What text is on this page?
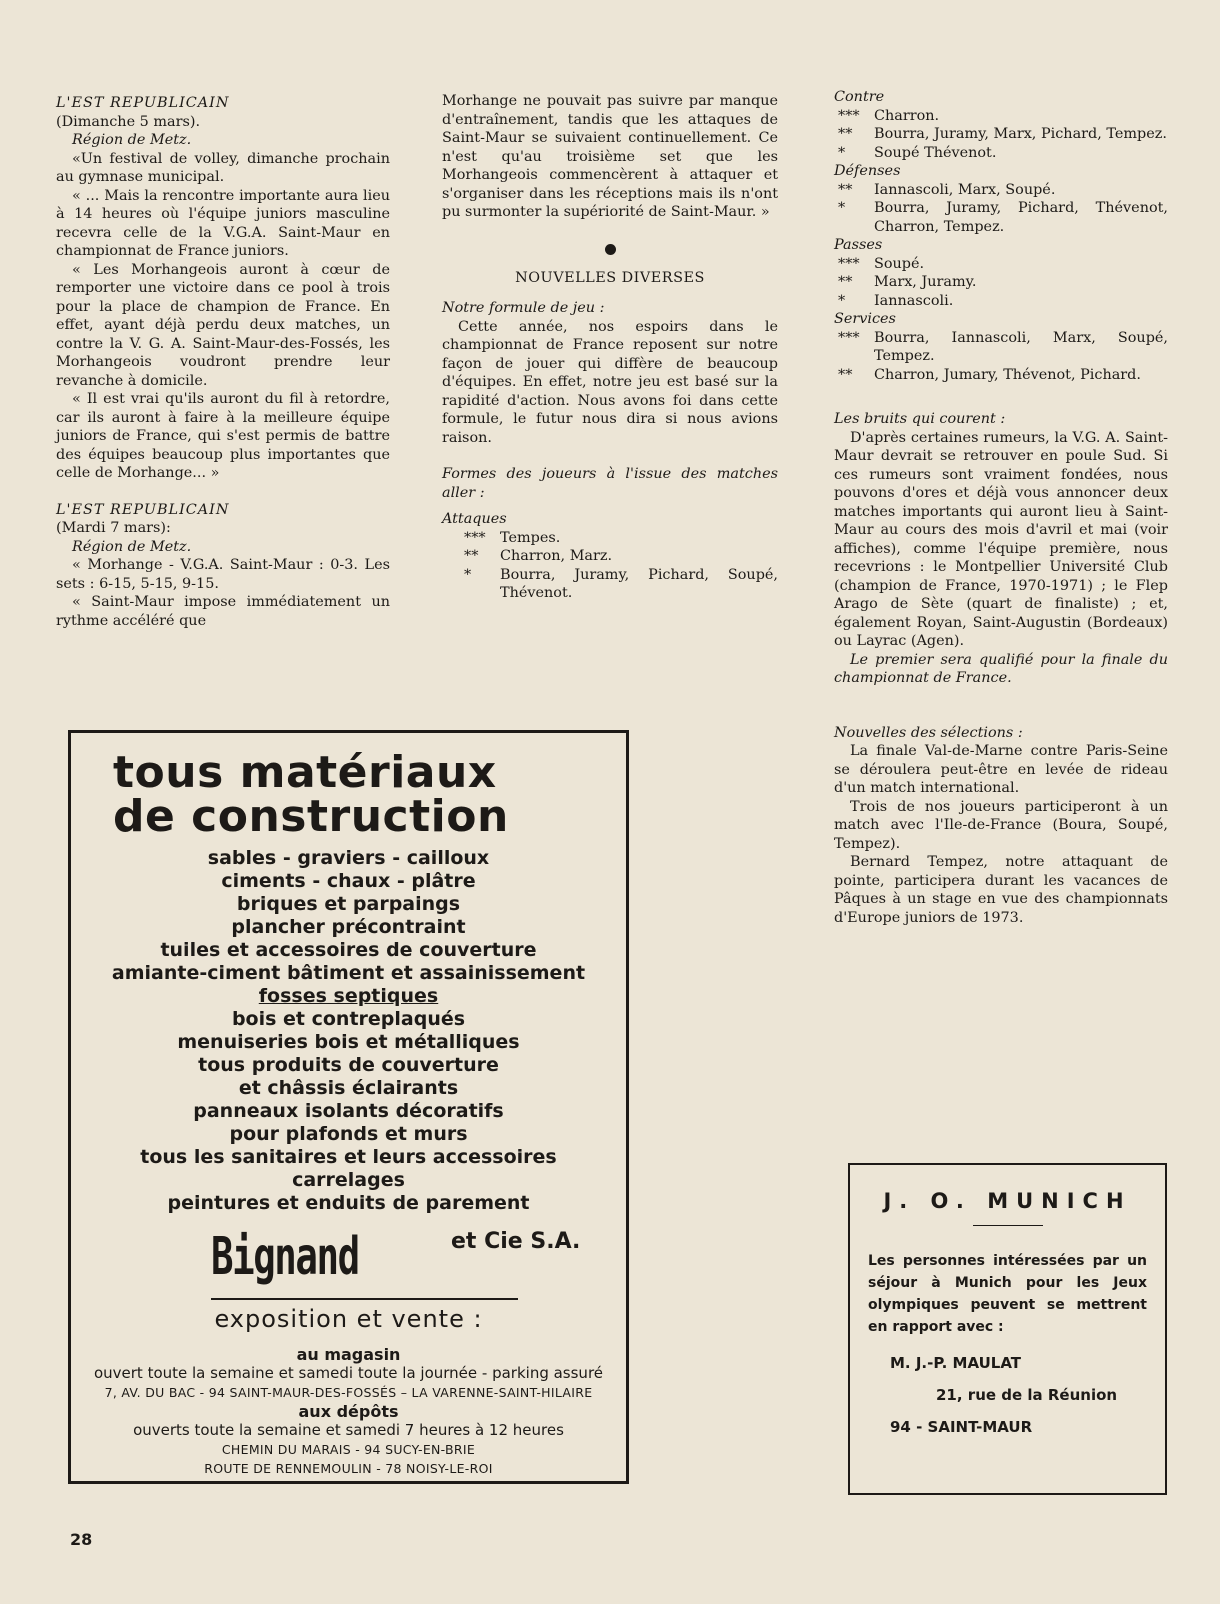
L'EST REPUBLICAIN

(Dimanche 5 mars).

Région de Metz.

«Un festival de volley, dimanche prochain au gymnase municipal.

« ... Mais la rencontre importante aura lieu à 14 heures où l'équipe juniors masculine recevra celle de la V.G.A. Saint-Maur en championnat de France juniors.

« Les Morhangeois auront à cœur de remporter une victoire dans ce pool à trois pour la place de champion de France. En effet, ayant déjà perdu deux matches, un contre la V. G. A. Saint-Maur-des-Fossés, les Morhangeois voudront prendre leur revanche à domicile.

« Il est vrai qu'ils auront du fil à retordre, car ils auront à faire à la meilleure équipe juniors de France, qui s'est permis de battre des équipes beaucoup plus importantes que celle de Morhange... »

L'EST REPUBLICAIN

(Mardi 7 mars):

Région de Metz.

« Morhange - V.G.A. Saint-Maur : 0-3. Les sets : 6-15, 5-15, 9-15.

« Saint-Maur impose immédiatement un rythme accéléré que

Morhange ne pouvait pas suivre par manque d'entraînement, tandis que les attaques de Saint-Maur se suivaient continuellement. Ce n'est qu'au troisième set que les Morhangeois commencèrent à attaquer et s'organiser dans les réceptions mais ils n'ont pu surmonter la supériorité de Saint-Maur. »

NOUVELLES DIVERSES

Notre formule de jeu :

Cette année, nos espoirs dans le championnat de France reposent sur notre façon de jouer qui diffère de beaucoup d'équipes. En effet, notre jeu est basé sur la rapidité d'action. Nous avons foi dans cette formule, le futur nous dira si nous avions raison.

Formes des joueurs à l'issue des matches aller :

Attaques

***	Tempes.
**	Charron, Marz.
*	Bourra, Juramy, Pichard, Soupé, Thévenot.

Contre

***	Charron.
**	Bourra, Juramy, Marx, Pichard, Tempez.
*	Soupé Thévenot.

Défenses

**	Iannascoli, Marx, Soupé.
*	Bourra, Juramy, Pichard, Thévenot, Charron, Tempez.

Passes

***	Soupé.
**	Marx, Juramy.
*	Iannascoli.

Services

***	Bourra, Iannascoli, Marx, Soupé, Tempez.
**	Charron, Jumary, Thévenot, Pichard.

Les bruits qui courent :

D'après certaines rumeurs, la V.G. A. Saint-Maur devrait se retrouver en poule Sud. Si ces rumeurs sont vraiment fondées, nous pouvons d'ores et déjà vous annoncer deux matches importants qui auront lieu à Saint-Maur au cours des mois d'avril et mai (voir affiches), comme l'équipe première, nous recevrions : le Montpellier Université Club (champion de France, 1970-1971) ; le Flep Arago de Sète (quart de finaliste) ; et, également Royan, Saint-Augustin (Bordeaux) ou Layrac (Agen).

Le premier sera qualifié pour la finale du championnat de France.

Nouvelles des sélections :

La finale Val-de-Marne contre Paris-Seine se déroulera peut-être en levée de rideau d'un match international.

Trois de nos joueurs participeront à un match avec l'Ile-de-France (Boura, Soupé, Tempez).

Bernard Tempez, notre attaquant de pointe, participera durant les vacances de Pâques à un stage en vue des championnats d'Europe juniors de 1973.

tous matériaux
de construction
sables - graviers - cailloux
ciments - chaux - plâtre
briques et parpaings
plancher précontraint
tuiles et accessoires de couverture
amiante-ciment bâtiment et assainissement
fosses septiques
bois et contreplaqués
menuiseries bois et métalliques
tous produits de couverture
et châssis éclairants
panneaux isolants décoratifs
pour plafonds et murs
tous les sanitaires et leurs accessoires
carrelages
peintures et enduits de parement
Bignand	et Cie S.A.
exposition et vente :
au magasin
ouvert toute la semaine et samedi toute la journée - parking assuré
7, AV. DU BAC - 94 SAINT-MAUR-DES-FOSSÉS – LA VARENNE-SAINT-HILAIRE
aux dépôts
ouverts toute la semaine et samedi 7 heures à 12 heures
CHEMIN DU MARAIS - 94 SUCY-EN-BRIE
ROUTE DE RENNEMOULIN - 78 NOISY-LE-ROI
J. O. MUNICH
Les personnes intéressées par un séjour à Munich pour les Jeux olympiques peuvent se mettrent en rapport avec :
M. J.-P. MAULAT
21, rue de la Réunion
94 - SAINT-MAUR
28
